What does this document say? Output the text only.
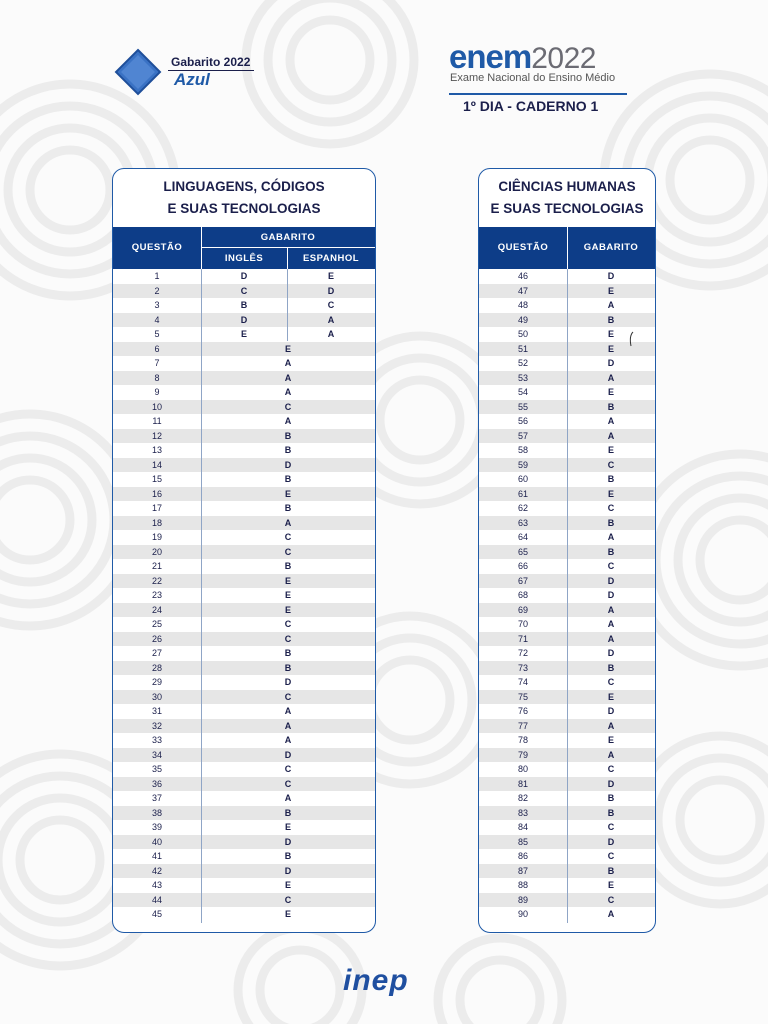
Gabarito 2022
Azul
enem2022
Exame Nacional do Ensino Médio
1º DIA - CADERNO 1
LINGUAGENS, CÓDIGOS
E SUAS TECNOLOGIAS
QUESTÃO
GABARITO
INGLÊS	ESPANHOL
1	D	E
2	C	D
3	B	C
4	D	A
5	E	A
6	E
7	A
8	A
9	A
10	C
11	A
12	B
13	B
14	D
15	B
16	E
17	B
18	A
19	C
20	C
21	B
22	E
23	E
24	E
25	C
26	C
27	B
28	B
29	D
30	C
31	A
32	A
33	A
34	D
35	C
36	C
37	A
38	B
39	E
40	D
41	B
42	D
43	E
44	C
45	E
CIÊNCIAS HUMANAS
E SUAS TECNOLOGIAS
QUESTÃO	GABARITO
46	D
47	E
48	A
49	B
50	E
51	E
52	D
53	A
54	E
55	B
56	A
57	A
58	E
59	C
60	B
61	E
62	C
63	B
64	A
65	B
66	C
67	D
68	D
69	A
70	A
71	A
72	D
73	B
74	C
75	E
76	D
77	A
78	E
79	A
80	C
81	D
82	B
83	B
84	C
85	D
86	C
87	B
88	E
89	C
90	A
inep
